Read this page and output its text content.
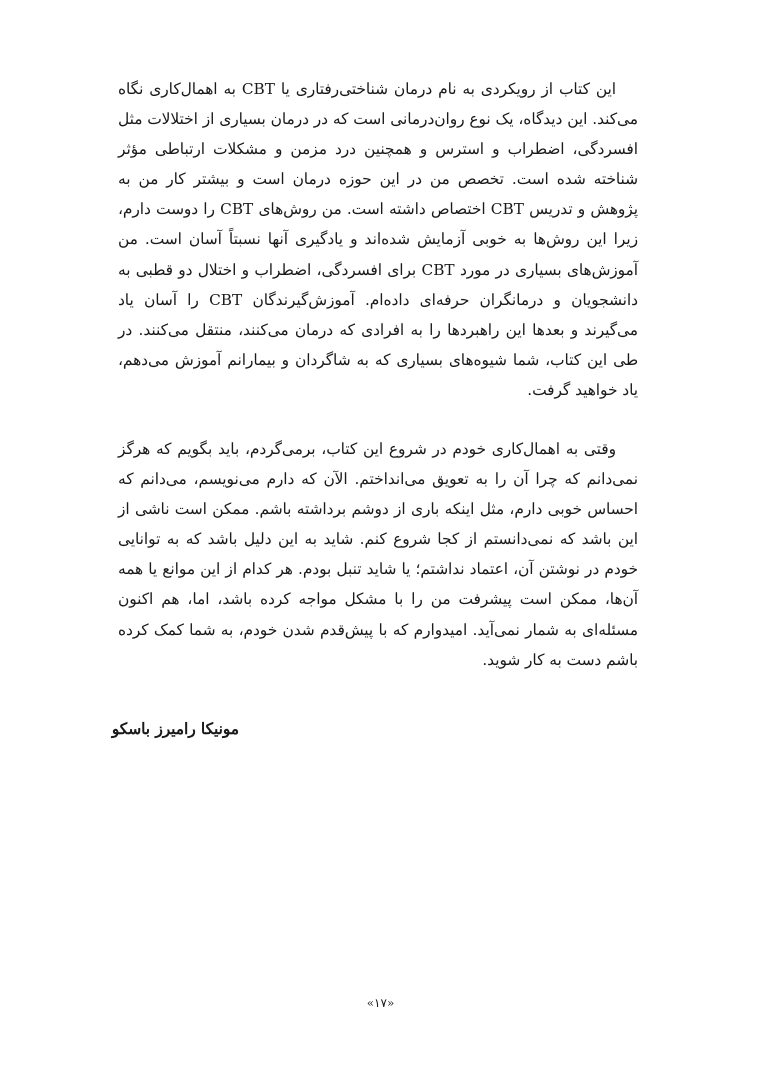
این کتاب از رویکردی به نام درمان شناختی‌رفتاری یا CBT به اهمال‌کاری نگاه می‌کند. این دیدگاه، یک نوع روان‌درمانی است که در درمان بسیاری از اختلالات مثل افسردگی، اضطراب و استرس و همچنین درد مزمن و مشکلات ارتباطی مؤثر شناخته شده است. تخصص من در این حوزه درمان است و بیشتر کار من به پژوهش و تدریس CBT اختصاص داشته است. من روش‌های CBT را دوست دارم، زیرا این روش‌ها به خوبی آزمایش شده‌اند و یادگیری آنها نسبتاً آسان است. من آموزش‌های بسیاری در مورد CBT برای افسردگی، اضطراب و اختلال دو قطبی به دانشجویان و درمانگران حرفه‌ای داده‌ام. آموزش‌گیرندگان CBT را آسان یاد می‌گیرند و بعدها این راهبردها را به افرادی که درمان می‌کنند، منتقل می‌کنند. در طی این کتاب، شما شیوه‌های بسیاری که به شاگردان و بیمارانم آموزش می‌دهم، یاد خواهید گرفت.

وقتی به اهمال‌کاری خودم در شروع این کتاب، برمی‌گردم، باید بگویم که هرگز نمی‌دانم که چرا آن را به تعویق می‌انداختم. الآن که دارم می‌نویسم، می‌دانم که احساس خوبی دارم، مثل اینکه باری از دوشم برداشته باشم. ممکن است ناشی از این باشد که نمی‌دانستم از کجا شروع کنم. شاید به این دلیل باشد که به توانایی خودم در نوشتن آن، اعتماد نداشتم؛ یا شاید تنبل بودم. هر کدام از این موانع یا همه آن‌ها، ممکن است پیشرفت من را با مشکل مواجه کرده باشد، اما، هم اکنون مسئله‌ای به شمار نمی‌آید. امیدوارم که با پیش‌قدم شدن خودم، به شما کمک کرده باشم دست به کار شوید.

مونیکا رامیرز باسکو
«۱۷»
